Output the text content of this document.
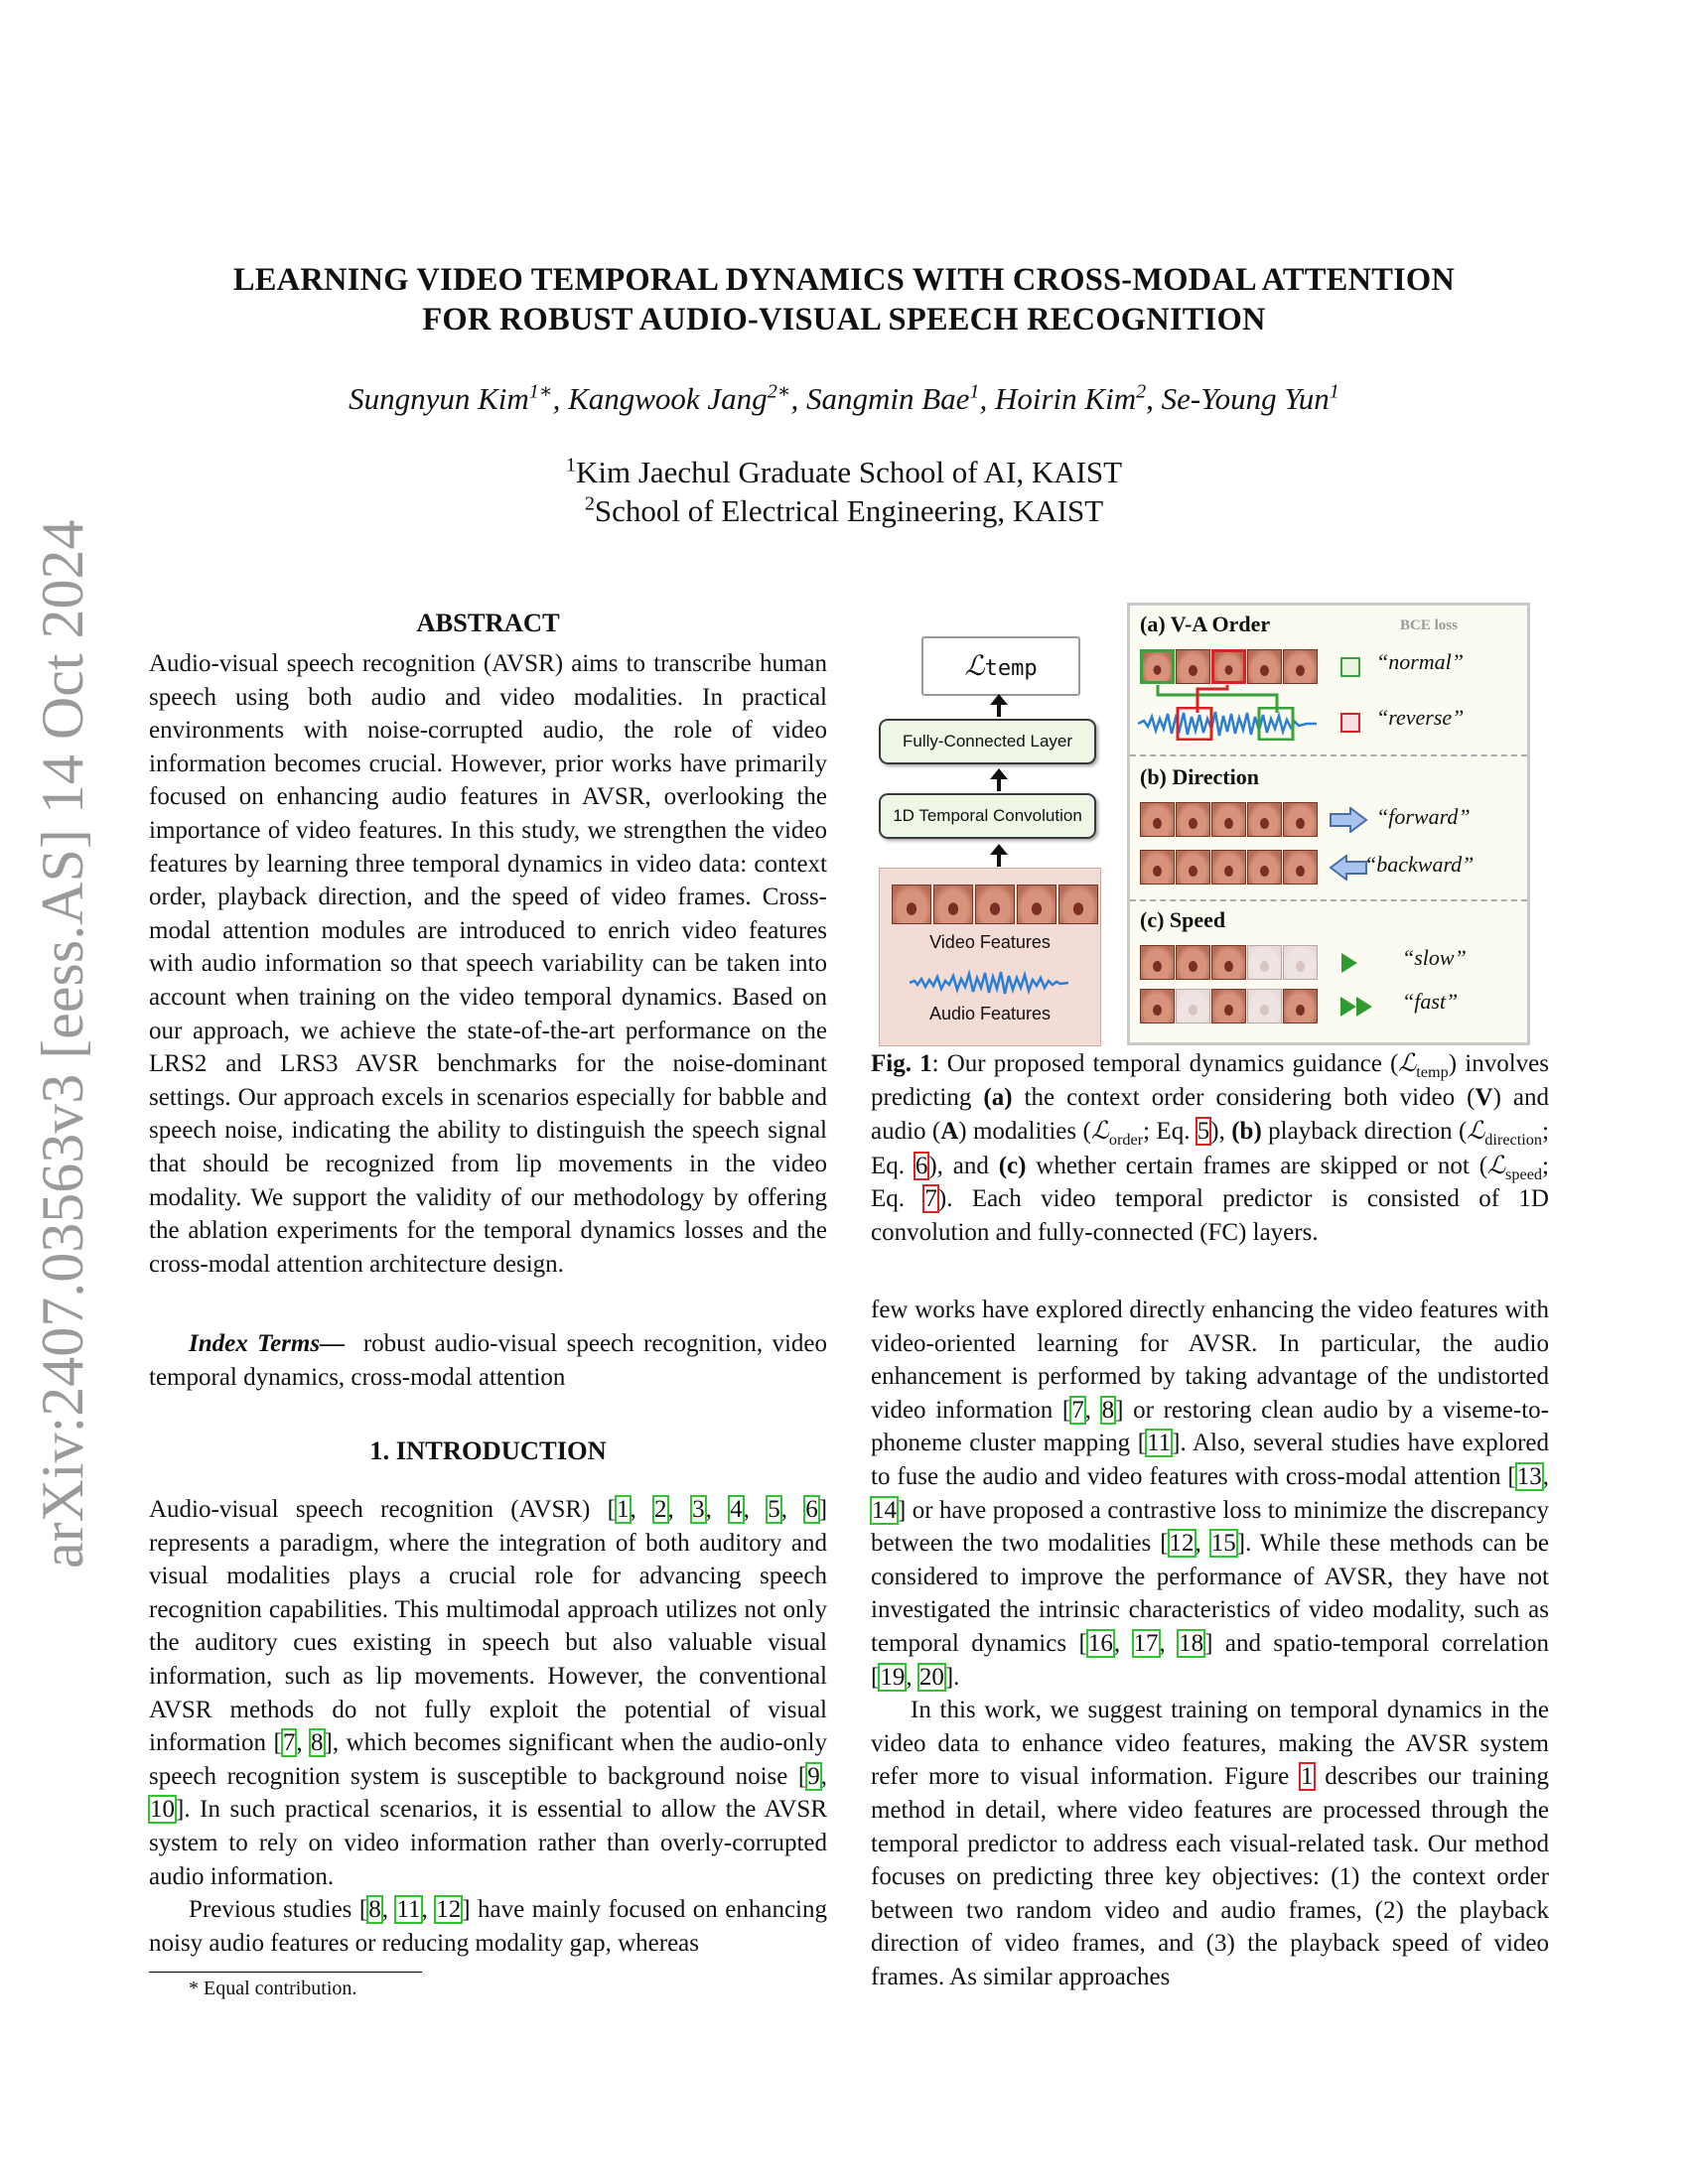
arXiv:2407.03563v3 [eess.AS] 14 Oct 2024
LEARNING VIDEO TEMPORAL DYNAMICS WITH CROSS-MODAL ATTENTION
FOR ROBUST AUDIO-VISUAL SPEECH RECOGNITION
Sungnyun Kim$^{1∗}$, Kangwook Jang$^{2∗}$, Sangmin Bae$^1$, Hoirin Kim$^2$, Se-Young Yun$^1$
$^1$Kim Jaechul Graduate School of AI, KAIST
$^2$School of Electrical Engineering, KAIST
ABSTRACT

Audio-visual speech recognition (AVSR) aims to transcribe human speech using both audio and video modalities. In practical environments with noise-corrupted audio, the role of video information becomes crucial. However, prior works have primarily focused on enhancing audio features in AVSR, overlooking the importance of video features. In this study, we strengthen the video features by learning three temporal dynamics in video data: context order, playback direction, and the speed of video frames. Cross-modal attention modules are introduced to enrich video features with audio information so that speech variability can be taken into account when training on the video temporal dynamics. Based on our approach, we achieve the state-of-the-art performance on the LRS2 and LRS3 AVSR benchmarks for the noise-dominant settings. Our approach excels in scenarios especially for babble and speech noise, indicating the ability to distinguish the speech signal that should be recognized from lip movements in the video modality. We support the validity of our methodology by offering the ablation experiments for the temporal dynamics losses and the cross-modal attention architecture design.

Index Terms— robust audio-visual speech recognition, video temporal dynamics, cross-modal attention

1. INTRODUCTION

Audio-visual speech recognition (AVSR) [1, 2, 3, 4, 5, 6] represents a paradigm, where the integration of both auditory and visual modalities plays a crucial role for advancing speech recognition capabilities. This multimodal approach utilizes not only the auditory cues existing in speech but also valuable visual information, such as lip movements. However, the conventional AVSR methods do not fully exploit the potential of visual information [7, 8], which becomes significant when the audio-only speech recognition system is susceptible to background noise [9, 10]. In such practical scenarios, it is essential to allow the AVSR system to rely on video information rather than overly-corrupted audio information.

Previous studies [8, 11, 12] have mainly focused on enhancing noisy audio features or reducing modality gap, whereas

* Equal contribution.
ℒtemp
Fully-Connected Layer
1D Temporal Convolution
Video Features
Audio Features
(a) V-A Order	BCE loss
“normal”
“reverse”
(b) Direction
“forward”
“backward”
(c) Speed
“slow”
“fast”

Fig. 1: Our proposed temporal dynamics guidance (ℒ$_{temp}$) involves predicting (a) the context order considering both video (V) and audio (A) modalities (ℒ$_{order}$; Eq. 5), (b) playback direction (ℒ$_{direction}$; Eq. 6), and (c) whether certain frames are skipped or not (ℒ$_{speed}$; Eq. 7). Each video temporal predictor is consisted of 1D convolution and fully-connected (FC) layers.

few works have explored directly enhancing the video features with video-oriented learning for AVSR. In particular, the audio enhancement is performed by taking advantage of the undistorted video information [7, 8] or restoring clean audio by a viseme-to-phoneme cluster mapping [11]. Also, several studies have explored to fuse the audio and video features with cross-modal attention [13, 14] or have proposed a contrastive loss to minimize the discrepancy between the two modalities [12, 15]. While these methods can be considered to improve the performance of AVSR, they have not investigated the intrinsic characteristics of video modality, such as temporal dynamics [16, 17, 18] and spatio-temporal correlation [19, 20].

In this work, we suggest training on temporal dynamics in the video data to enhance video features, making the AVSR system refer more to visual information. Figure 1 describes our training method in detail, where video features are processed through the temporal predictor to address each visual-related task. Our method focuses on predicting three key objectives: (1) the context order between two random video and audio frames, (2) the playback direction of video frames, and (3) the playback speed of video frames. As similar approaches
